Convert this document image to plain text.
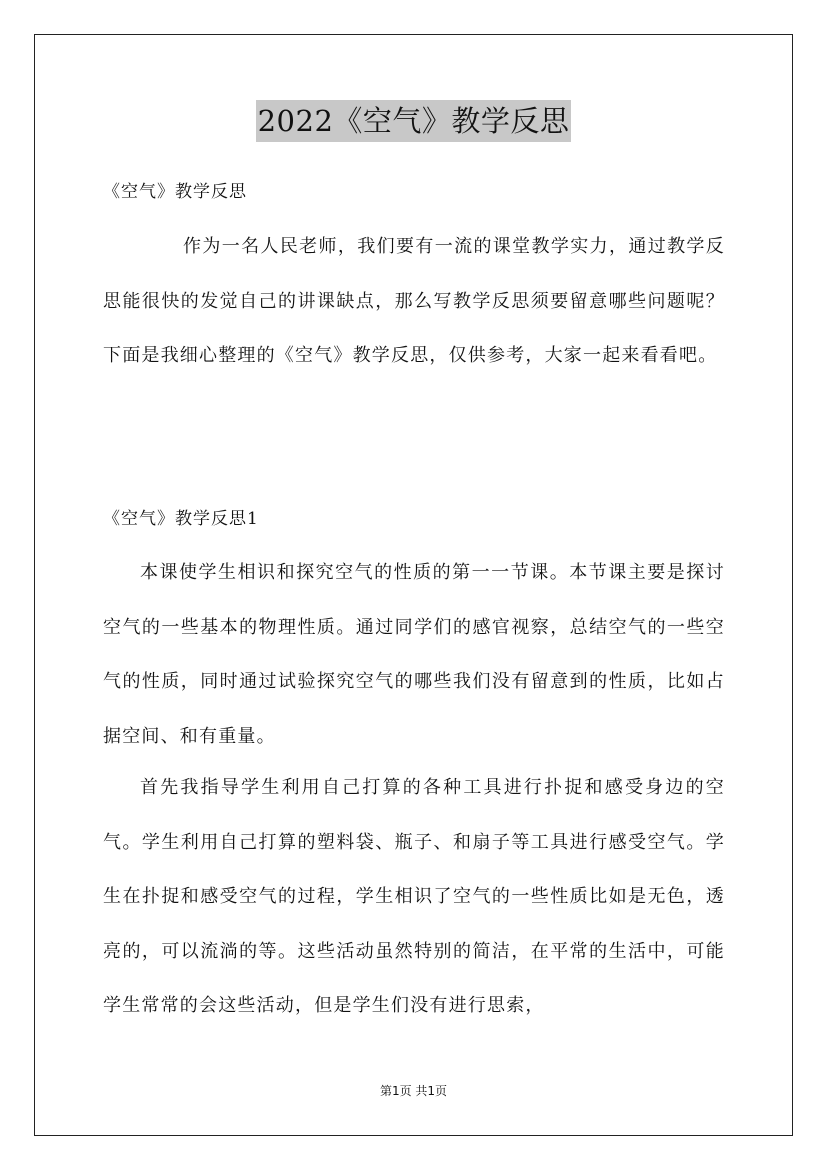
2022《空气》教学反思
《空气》教学反思

作为一名人民老师，我们要有一流的课堂教学实力，通过教学反思能很快的发觉自己的讲课缺点，那么写教学反思须要留意哪些问题呢？下面是我细心整理的《空气》教学反思，仅供参考，大家一起来看看吧。

《空气》教学反思1

本课使学生相识和探究空气的性质的第一一节课。本节课主要是探讨空气的一些基本的物理性质。通过同学们的感官视察，总结空气的一些空气的性质，同时通过试验探究空气的哪些我们没有留意到的性质，比如占据空间、和有重量。

首先我指导学生利用自己打算的各种工具进行扑捉和感受身边的空气。学生利用自己打算的塑料袋、瓶子、和扇子等工具进行感受空气。学生在扑捉和感受空气的过程，学生相识了空气的一些性质比如是无色，透亮的，可以流淌的等。这些活动虽然特别的简洁，在平常的生活中，可能学生常常的会这些活动，但是学生们没有进行思索，

第1页 共1页
